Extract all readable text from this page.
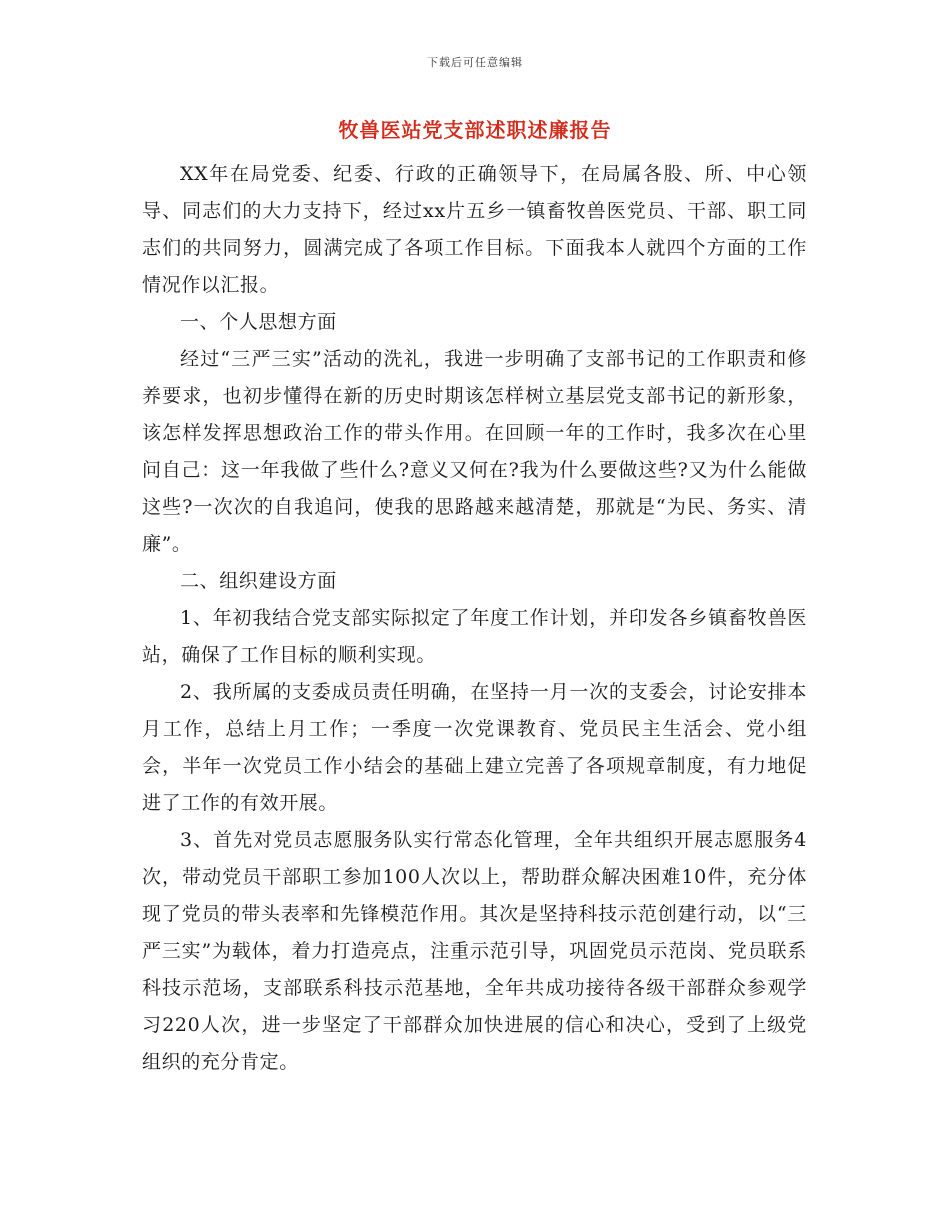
下载后可任意编辑
牧兽医站党支部述职述廉报告

XX年在局党委、纪委、行政的正确领导下，在局属各股、所、中心领导、同志们的大力支持下，经过xx片五乡一镇畜牧兽医党员、干部、职工同志们的共同努力，圆满完成了各项工作目标。下面我本人就四个方面的工作情况作以汇报。

一、个人思想方面

经过“三严三实”活动的洗礼，我进一步明确了支部书记的工作职责和修养要求，也初步懂得在新的历史时期该怎样树立基层党支部书记的新形象，该怎样发挥思想政治工作的带头作用。在回顾一年的工作时，我多次在心里问自己：这一年我做了些什么?意义又何在?我为什么要做这些?又为什么能做这些?一次次的自我追问，使我的思路越来越清楚，那就是“为民、务实、清廉”。

二、组织建设方面

1、年初我结合党支部实际拟定了年度工作计划，并印发各乡镇畜牧兽医站，确保了工作目标的顺利实现。

2、我所属的支委成员责任明确，在坚持一月一次的支委会，讨论安排本月工作，总结上月工作；一季度一次党课教育、党员民主生活会、党小组会，半年一次党员工作小结会的基础上建立完善了各项规章制度，有力地促进了工作的有效开展。

3、首先对党员志愿服务队实行常态化管理，全年共组织开展志愿服务4次，带动党员干部职工参加100人次以上，帮助群众解决困难10件，充分体现了党员的带头表率和先锋模范作用。其次是坚持科技示范创建行动，以“三严三实”为载体，着力打造亮点，注重示范引导，巩固党员示范岗、党员联系科技示范场，支部联系科技示范基地，全年共成功接待各级干部群众参观学习220人次，进一步坚定了干部群众加快进展的信心和决心，受到了上级党组织的充分肯定。
